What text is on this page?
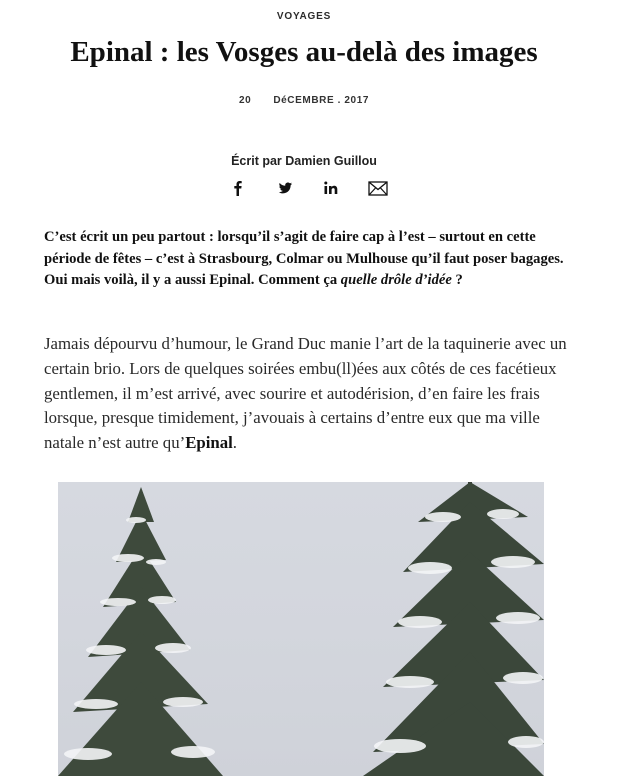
VOYAGES
Epinal : les Vosges au-delà des images
20 DéCEMBRE . 2017
Écrit par Damien Guillou

C’est écrit un peu partout : lorsqu’il s’agit de faire cap à l’est – surtout en cette période de fêtes – c’est à Strasbourg, Colmar ou Mulhouse qu’il faut poser bagages. Oui mais voilà, il y a aussi Epinal. Comment ça quelle drôle d’idée ?

Jamais dépourvu d’humour, le Grand Duc manie l’art de la taquinerie avec un certain brio. Lors de quelques soirées embu(ll)ées aux côtés de ces facétieux gentlemen, il m’est arrivé, avec sourire et autodérision, d’en faire les frais lorsque, presque timidement, j’avouais à certains d’entre eux que ma ville natale n’est autre qu’Epinal.
